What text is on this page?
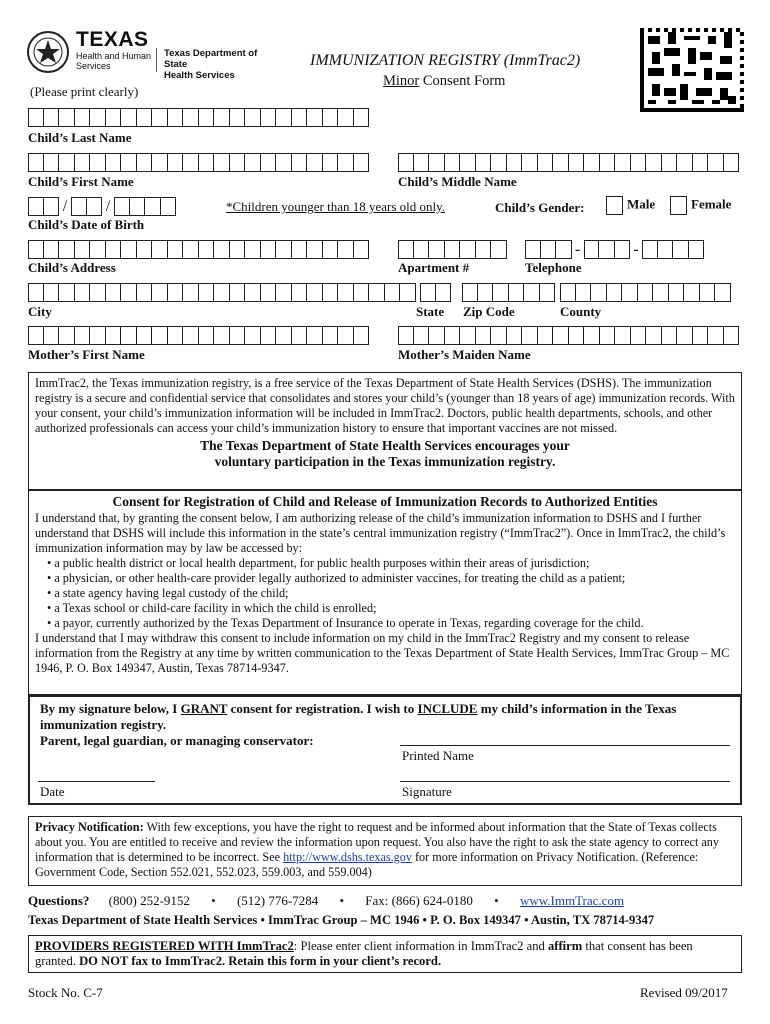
TEXAS
Health and Human
Services
Texas Department of State
Health Services
IMMUNIZATION REGISTRY (ImmTrac2)
Minor Consent Form
(Please print clearly)
Child’s Last Name
Child’s First Name	Child’s Middle Name
/ /	*Children younger than 18 years old only.	Child’s Gender:	Male	Female
Child’s Date of Birth
-	-
Child’s Address	Apartment #	Telephone
City	State Zip Code	County
Mother’s First Name	Mother’s Maiden Name
ImmTrac2, the Texas immunization registry, is a free service of the Texas Department of State Health Services (DSHS). The immunization registry is a secure and confidential service that consolidates and stores your child’s (younger than 18 years of age) immunization records. With your consent, your child’s immunization information will be included in ImmTrac2. Doctors, public health departments, schools, and other authorized professionals can access your child’s immunization history to ensure that important vaccines are not missed.
The Texas Department of State Health Services encourages your
voluntary participation in the Texas immunization registry.
Consent for Registration of Child and Release of Immunization Records to Authorized Entities
I understand that, by granting the consent below, I am authorizing release of the child’s immunization information to DSHS and I further understand that DSHS will include this information in the state’s central immunization registry (“ImmTrac2”). Once in ImmTrac2, the child’s immunization information may by law be accessed by:
• a public health district or local health department, for public health purposes within their areas of jurisdiction;
• a physician, or other health-care provider legally authorized to administer vaccines, for treating the child as a patient;
• a state agency having legal custody of the child;
• a Texas school or child-care facility in which the child is enrolled;
• a payor, currently authorized by the Texas Department of Insurance to operate in Texas, regarding coverage for the child.
I understand that I may withdraw this consent to include information on my child in the ImmTrac2 Registry and my consent to release information from the Registry at any time by written communication to the Texas Department of State Health Services, ImmTrac Group – MC 1946, P. O. Box 149347, Austin, Texas 78714-9347.
By my signature below, I GRANT consent for registration. I wish to INCLUDE my child’s information in the Texas immunization registry.
Parent, legal guardian, or managing conservator:
Printed Name
Date	Signature
Privacy Notification: With few exceptions, you have the right to request and be informed about information that the State of Texas collects about you. You are entitled to receive and review the information upon request. You also have the right to ask the state agency to correct any information that is determined to be incorrect. See http://www.dshs.texas.gov for more information on Privacy Notification. (Reference: Government Code, Section 552.021, 552.023, 559.003, and 559.004)
Questions? (800) 252-9152 • (512) 776-7284 • Fax: (866) 624-0180 • www.ImmTrac.com
Texas Department of State Health Services • ImmTrac Group – MC 1946 • P. O. Box 149347 • Austin, TX 78714-9347
PROVIDERS REGISTERED WITH ImmTrac2: Please enter client information in ImmTrac2 and affirm that consent has been granted. DO NOT fax to ImmTrac2. Retain this form in your client’s record.
Stock No. C-7	Revised 09/2017
